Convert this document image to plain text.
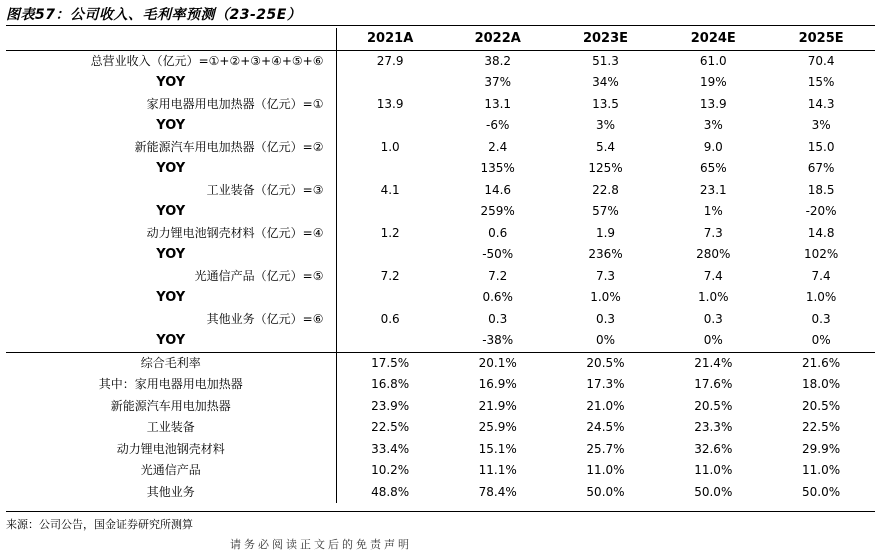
图表57：公司收入、毛利率预测（23-25E）
	2021A	2022A	2023E	2024E	2025E
总营业收入（亿元）=①+②+③+④+⑤+⑥	27.9	38.2	51.3	61.0	70.4
YOY		37%	34%	19%	15%
家用电器用电加热器（亿元）=①	13.9	13.1	13.5	13.9	14.3
YOY		-6%	3%	3%	3%
新能源汽车用电加热器（亿元）=②	1.0	2.4	5.4	9.0	15.0
YOY		135%	125%	65%	67%
工业装备（亿元）=③	4.1	14.6	22.8	23.1	18.5
YOY		259%	57%	1%	-20%
动力锂电池钢壳材料（亿元）=④	1.2	0.6	1.9	7.3	14.8
YOY		-50%	236%	280%	102%
光通信产品（亿元）=⑤	7.2	7.2	7.3	7.4	7.4
YOY		0.6%	1.0%	1.0%	1.0%
其他业务（亿元）=⑥	0.6	0.3	0.3	0.3	0.3
YOY		-38%	0%	0%	0%
综合毛利率	17.5%	20.1%	20.5%	21.4%	21.6%
其中：家用电器用电加热器	16.8%	16.9%	17.3%	17.6%	18.0%
新能源汽车用电加热器	23.9%	21.9%	21.0%	20.5%	20.5%
工业装备	22.5%	25.9%	24.5%	23.3%	22.5%
动力锂电池钢壳材料	33.4%	15.1%	25.7%	32.6%	29.9%
光通信产品	10.2%	11.1%	11.0%	11.0%	11.0%
其他业务	48.8%	78.4%	50.0%	50.0%	50.0%
来源：公司公告，国金证券研究所测算
请务必阅读正文后的免责声明
